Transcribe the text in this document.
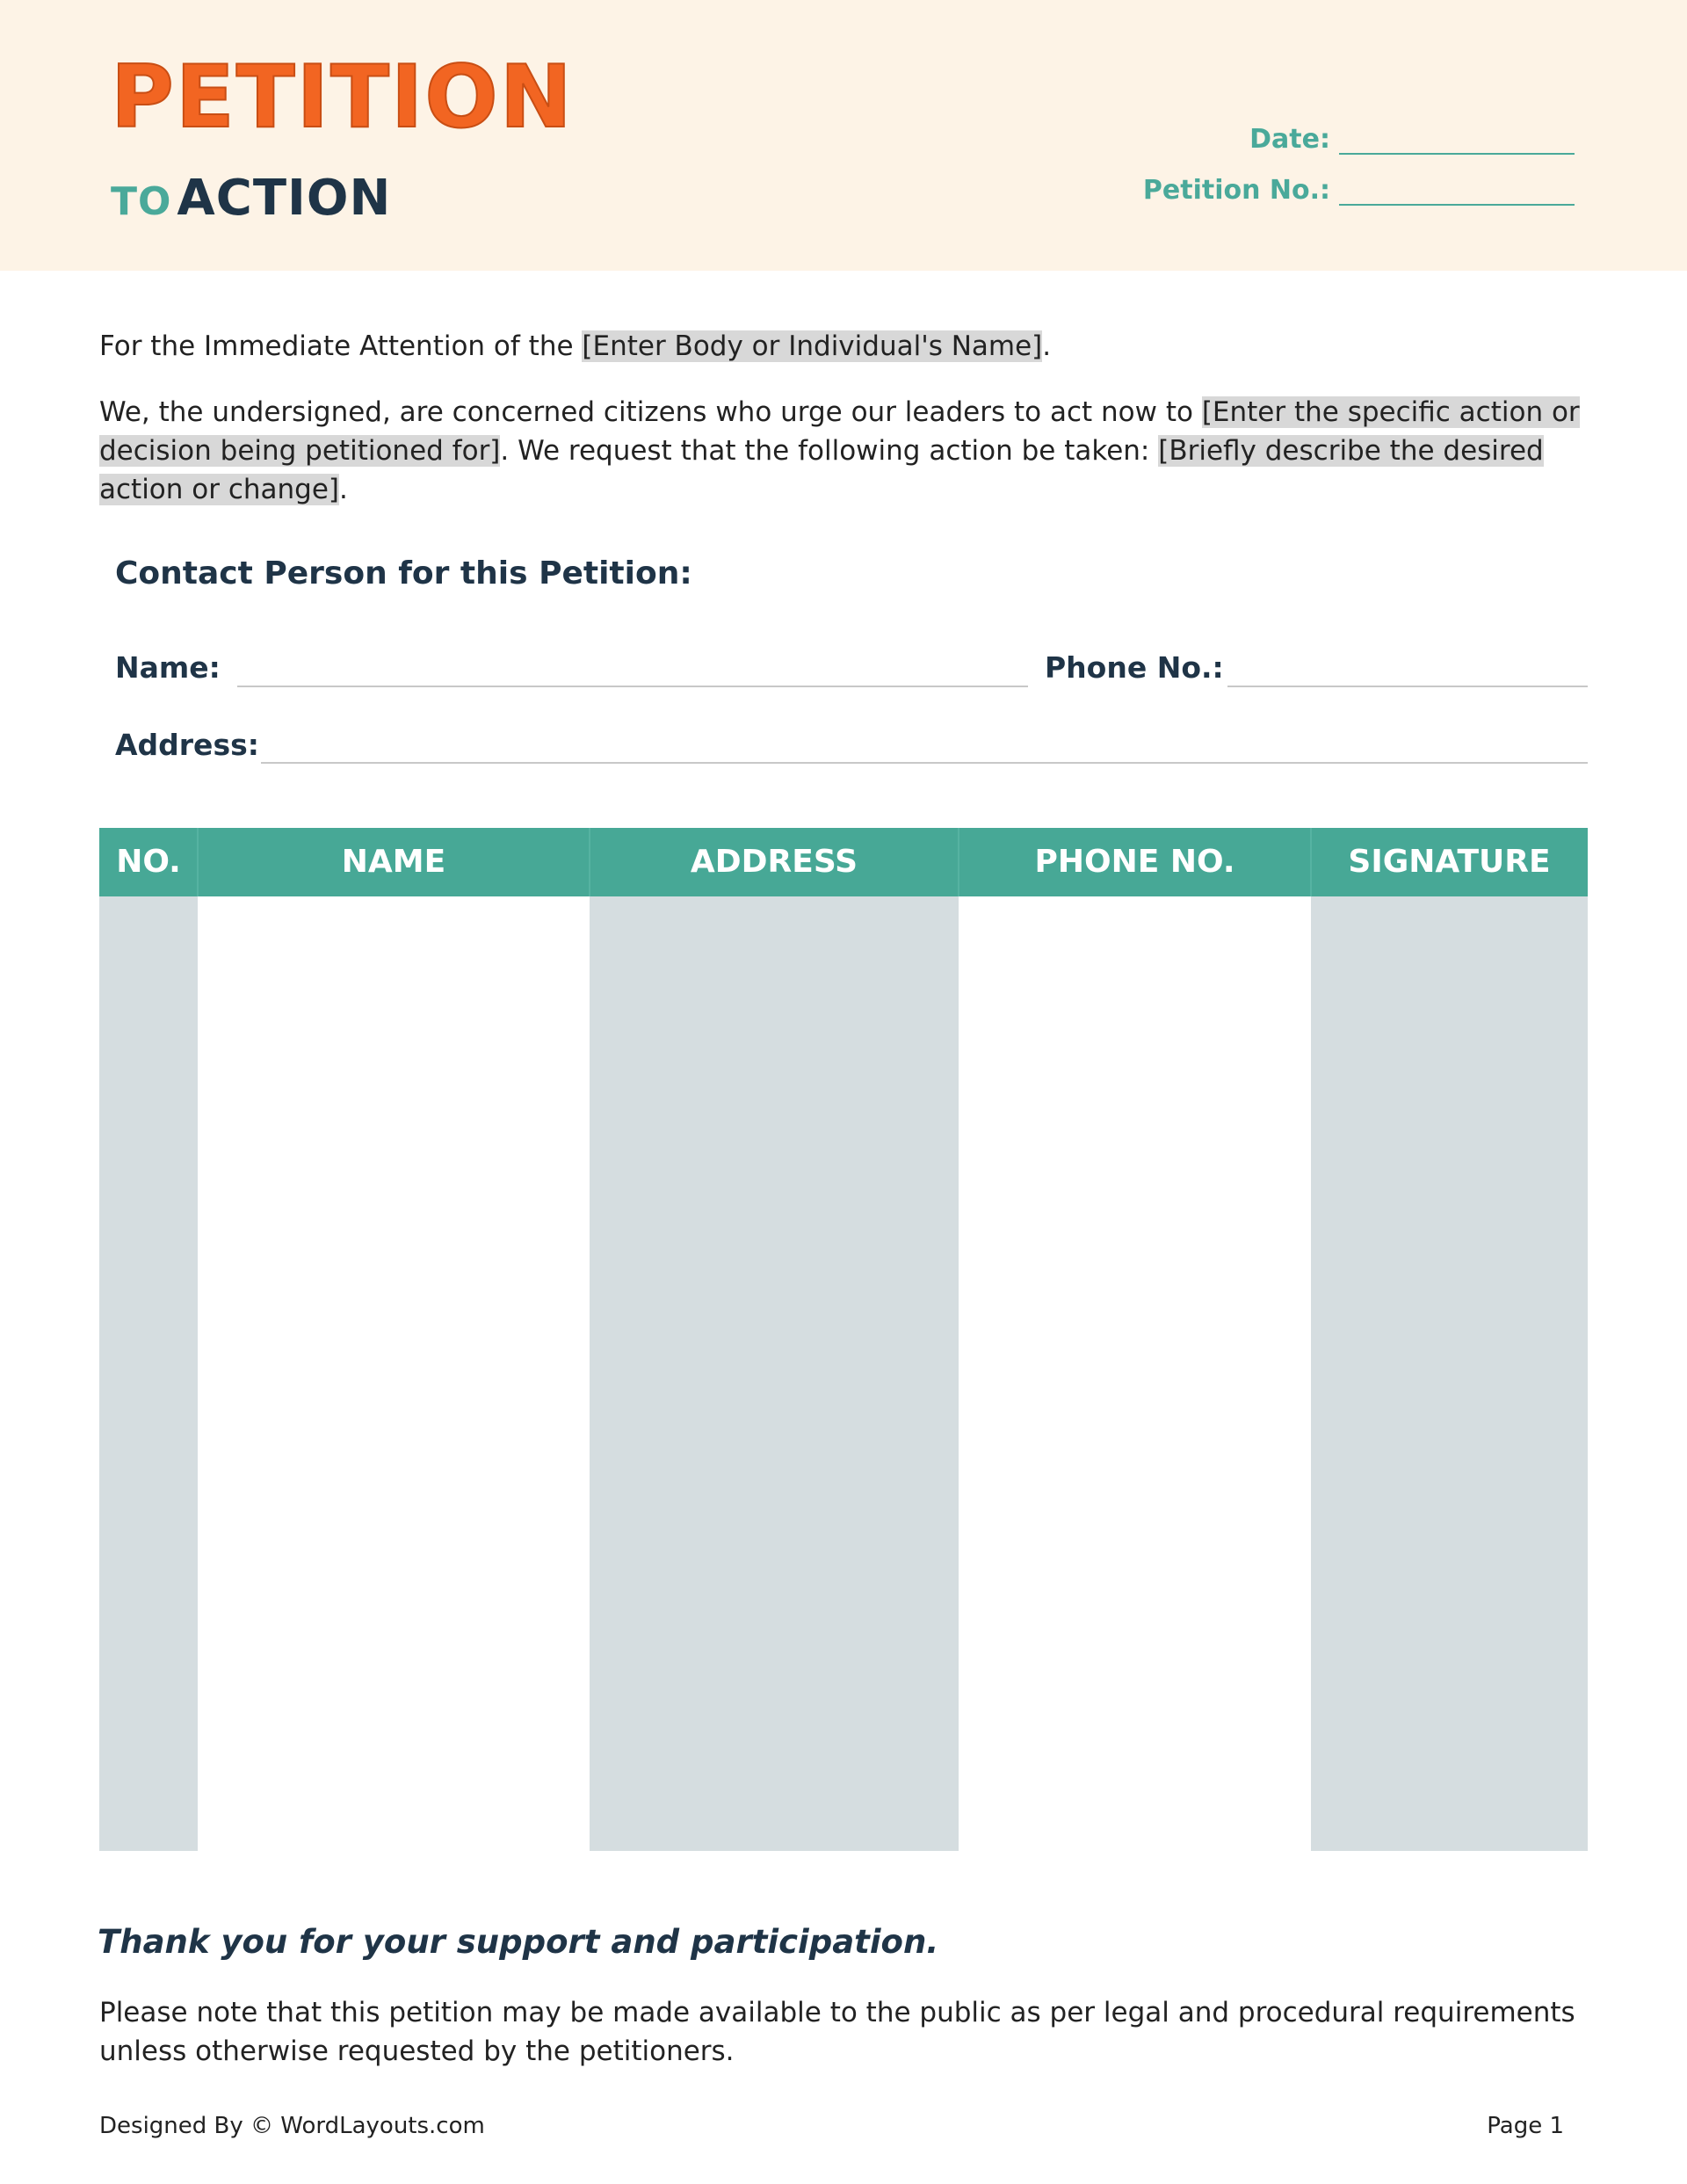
PETITION
TO ACTION
Date:
Petition No.:

For the Immediate Attention of the [Enter Body or Individual's Name].

We, the undersigned, are concerned citizens who urge our leaders to act now to [Enter the specific action or decision being petitioned for]. We request that the following action be taken: [Briefly describe the desired action or change].

Contact Person for this Petition:
Name:	Phone No.:
Address:
NO.	NAME	ADDRESS	PHONE NO.	SIGNATURE
Thank you for your support and participation.

Please note that this petition may be made available to the public as per legal and procedural requirements unless otherwise requested by the petitioners.

Designed By © WordLayouts.com	Page 1
